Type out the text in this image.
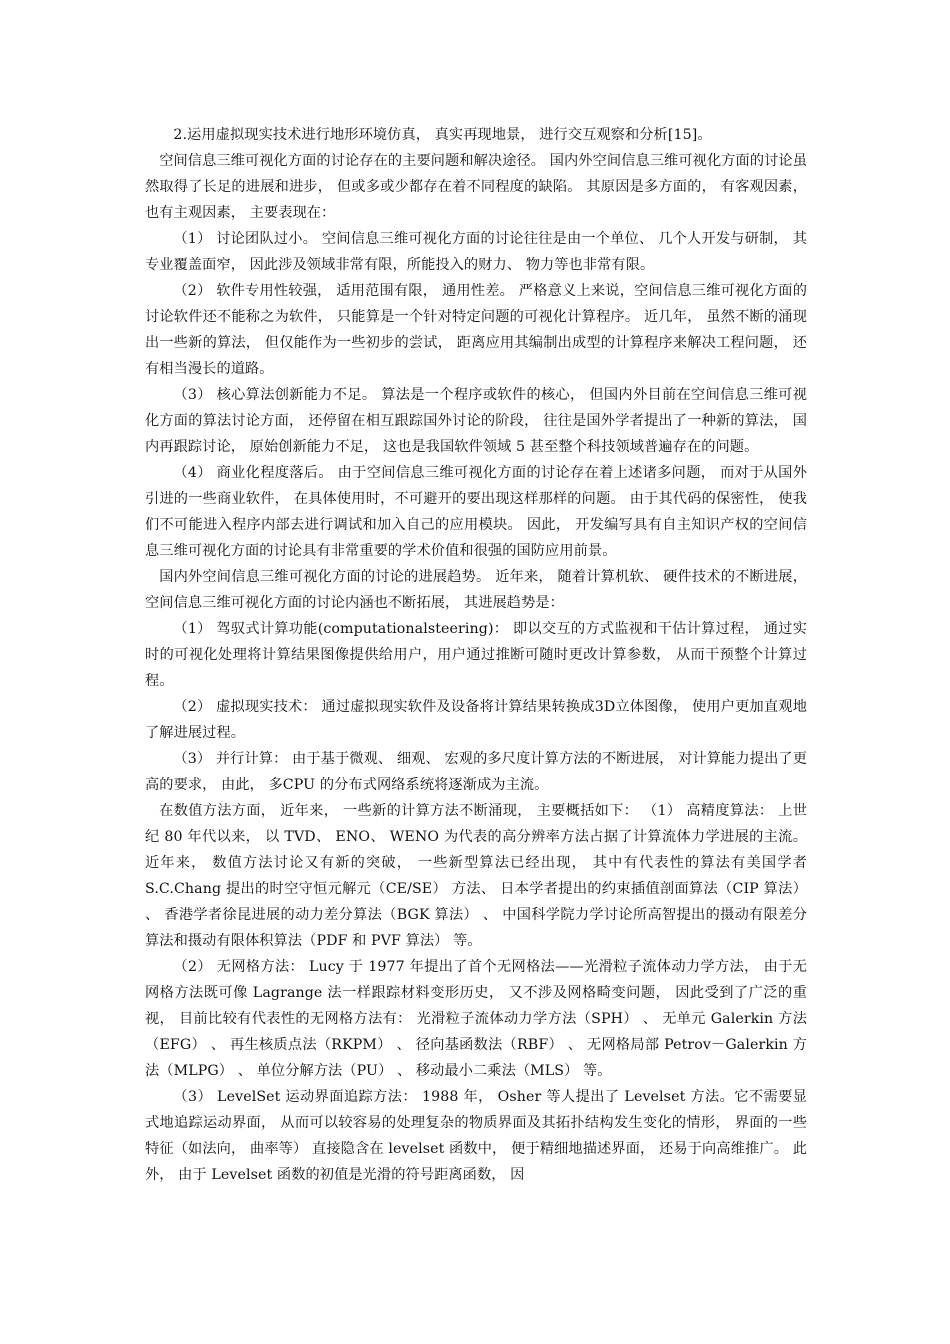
2.运用虚拟现实技术进行地形环境仿真， 真实再现地景， 进行交互观察和分析[15]。

空间信息三维可视化方面的讨论存在的主要问题和解决途径。 国内外空间信息三维可视化方面的讨论虽然取得了长足的进展和进步， 但或多或少都存在着不同程度的缺陷。 其原因是多方面的， 有客观因素， 也有主观因素， 主要表现在：

（1） 讨论团队过小。 空间信息三维可视化方面的讨论往往是由一个单位、 几个人开发与研制， 其专业覆盖面窄， 因此涉及领域非常有限，所能投入的财力、 物力等也非常有限。

（2） 软件专用性较强， 适用范围有限， 通用性差。 严格意义上来说，空间信息三维可视化方面的讨论软件还不能称之为软件， 只能算是一个针对特定问题的可视化计算程序。 近几年， 虽然不断的涌现出一些新的算法， 但仅能作为一些初步的尝试， 距离应用其编制出成型的计算程序来解决工程问题， 还有相当漫长的道路。

（3） 核心算法创新能力不足。 算法是一个程序或软件的核心， 但国内外目前在空间信息三维可视化方面的算法讨论方面， 还停留在相互跟踪国外讨论的阶段， 往往是国外学者提出了一种新的算法， 国内再跟踪讨论， 原始创新能力不足， 这也是我国软件领域 5 甚至整个科技领域普遍存在的问题。

（4） 商业化程度落后。 由于空间信息三维可视化方面的讨论存在着上述诸多问题， 而对于从国外引进的一些商业软件， 在具体使用时，不可避开的要出现这样那样的问题。 由于其代码的保密性， 使我们不可能进入程序内部去进行调试和加入自己的应用模块。 因此， 开发编写具有自主知识产权的空间信息三维可视化方面的讨论具有非常重要的学术价值和很强的国防应用前景。

国内外空间信息三维可视化方面的讨论的进展趋势。 近年来， 随着计算机软、 硬件技术的不断进展， 空间信息三维可视化方面的讨论内涵也不断拓展， 其进展趋势是：

（1） 驾驭式计算功能(computationalsteering)： 即以交互的方式监视和干估计算过程， 通过实时的可视化处理将计算结果图像提供给用户，用户通过推断可随时更改计算参数， 从而干预整个计算过程。

（2） 虚拟现实技术： 通过虚拟现实软件及设备将计算结果转换成3D立体图像， 使用户更加直观地了解进展过程。

（3） 并行计算： 由于基于微观、 细观、 宏观的多尺度计算方法的不断进展， 对计算能力提出了更高的要求， 由此， 多CPU 的分布式网络系统将逐渐成为主流。

在数值方法方面， 近年来， 一些新的计算方法不断涌现， 主要概括如下： （1） 高精度算法： 上世纪 80 年代以来， 以 TVD、 ENO、 WENO 为代表的高分辨率方法占据了计算流体力学进展的主流。 近年来， 数值方法讨论又有新的突破， 一些新型算法已经出现， 其中有代表性的算法有美国学者 S.C.Chang 提出的时空守恒元解元（CE/SE） 方法、 日本学者提出的约束插值剖面算法（CIP 算法） 、 香港学者徐昆进展的动力差分算法（BGK 算法） 、 中国科学院力学讨论所高智提出的摄动有限差分算法和摄动有限体积算法（PDF 和 PVF 算法） 等。

（2） 无网格方法： Lucy 于 1977 年提出了首个无网格法——光滑粒子流体动力学方法， 由于无网格方法既可像 Lagrange 法一样跟踪材料变形历史， 又不涉及网格畸变问题， 因此受到了广泛的重视， 目前比较有代表性的无网格方法有： 光滑粒子流体动力学方法（SPH） 、 无单元 Galerkin 方法（EFG） 、 再生核质点法（RKPM） 、 径向基函数法（RBF） 、 无网格局部 Petrov－Galerkin 方法（MLPG） 、 单位分解方法（PU） 、 移动最小二乘法（MLS） 等。

（3） LevelSet 运动界面追踪方法： 1988 年， Osher 等人提出了 Levelset 方法。它不需要显式地追踪运动界面， 从而可以较容易的处理复杂的物质界面及其拓扑结构发生变化的情形， 界面的一些特征（如法向， 曲率等） 直接隐含在 levelset 函数中， 便于精细地描述界面， 还易于向高维推广。 此外， 由于 Levelset 函数的初值是光滑的符号距离函数， 因
